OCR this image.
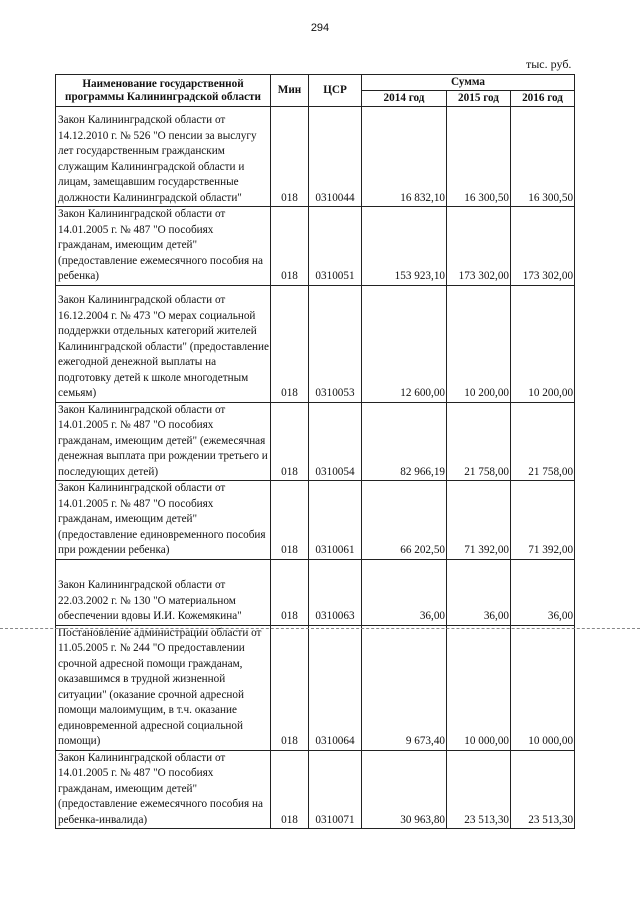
294
тыс. руб.
Наименование государственной программы Калининградской области	Мин	ЦСР	Сумма		
			2014 год	2015 год	2016 год
Закон Калининградской области от 14.12.2010 г. № 526 "О пенсии за выслугу лет государственным гражданским служащим Калининградской области и лицам, замещавшим государственные должности Калининградской области"	018	0310044	16 832,10	16 300,50	16 300,50
Закон Калининградской области от 14.01.2005 г. № 487 "О пособиях гражданам, имеющим детей" (предоставление ежемесячного пособия на ребенка)	018	0310051	153 923,10	173 302,00	173 302,00
Закон Калининградской области от 16.12.2004 г. № 473 "О мерах социальной поддержки отдельных категорий жителей Калининградской области" (предоставление ежегодной денежной выплаты на подготовку детей к школе многодетным семьям)	018	0310053	12 600,00	10 200,00	10 200,00
Закон Калининградской области от 14.01.2005 г. № 487 "О пособиях гражданам, имеющим детей" (ежемесячная денежная выплата при рождении третьего и последующих детей)	018	0310054	82 966,19	21 758,00	21 758,00
Закон Калининградской области от 14.01.2005 г. № 487 "О пособиях гражданам, имеющим детей" (предоставление единовременного пособия при рождении ребенка)	018	0310061	66 202,50	71 392,00	71 392,00
Закон Калининградской области от 22.03.2002 г. № 130 "О материальном обеспечении вдовы И.И. Кожемякина"	018	0310063	36,00	36,00	36,00
Постановление администрации области от 11.05.2005 г. № 244 "О предоставлении срочной адресной помощи гражданам, оказавшимся в трудной жизненной ситуации" (оказание срочной адресной помощи малоимущим, в т.ч. оказание единовременной адресной социальной помощи)	018	0310064	9 673,40	10 000,00	10 000,00
Закон Калининградской области от 14.01.2005 г. № 487 "О пособиях гражданам, имеющим детей" (предоставление ежемесячного пособия на ребенка-инвалида)	018	0310071	30 963,80	23 513,30	23 513,30
